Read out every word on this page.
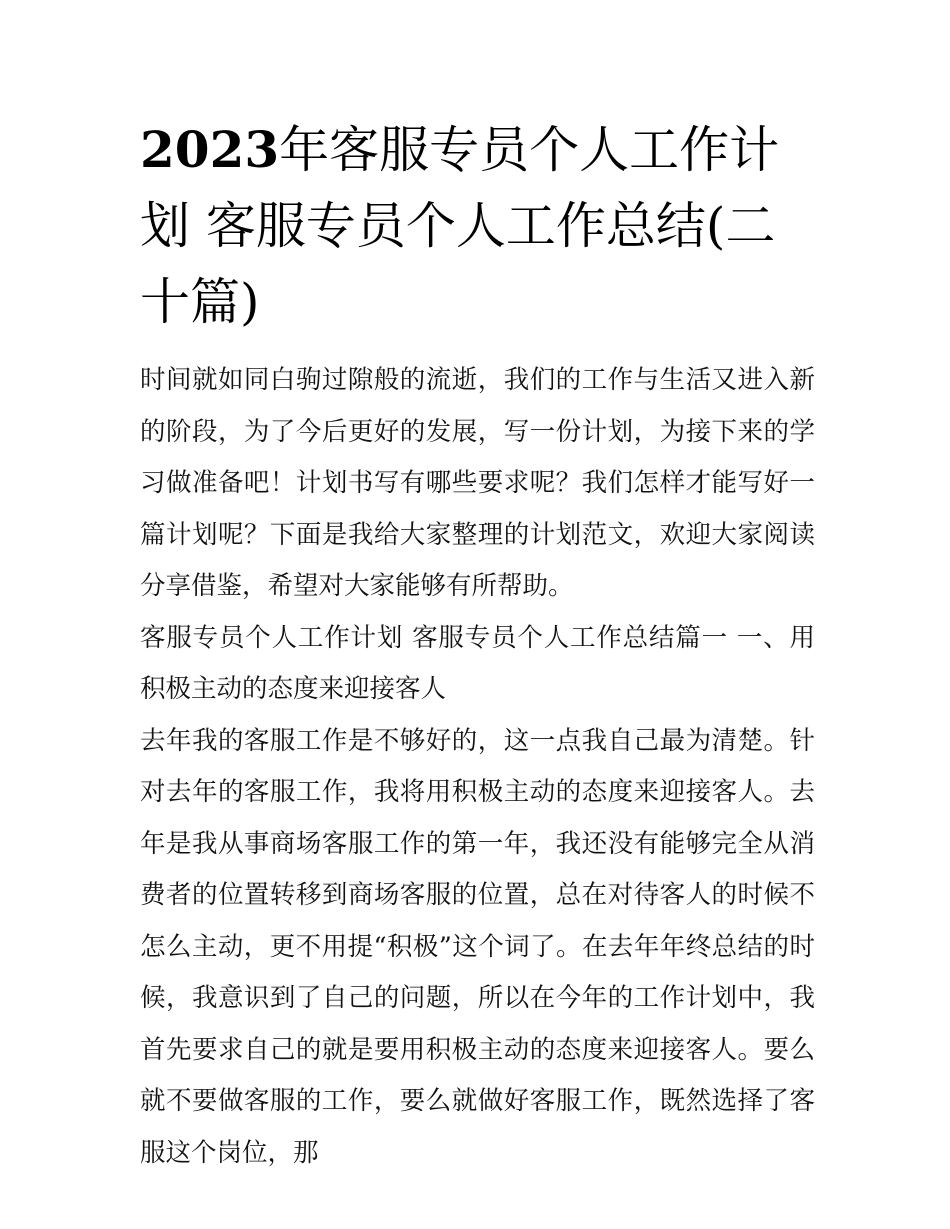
2023年客服专员个人工作计划 客服专员个人工作总结(二十篇)

时间就如同白驹过隙般的流逝，我们的工作与生活又进入新的阶段，为了今后更好的发展，写一份计划，为接下来的学习做准备吧！计划书写有哪些要求呢？我们怎样才能写好一篇计划呢？下面是我给大家整理的计划范文，欢迎大家阅读分享借鉴，希望对大家能够有所帮助。

客服专员个人工作计划 客服专员个人工作总结篇一 一、用积极主动的态度来迎接客人

去年我的客服工作是不够好的，这一点我自己最为清楚。针对去年的客服工作，我将用积极主动的态度来迎接客人。去年是我从事商场客服工作的第一年，我还没有能够完全从消费者的位置转移到商场客服的位置，总在对待客人的时候不怎么主动，更不用提“积极”这个词了。在去年年终总结的时候，我意识到了自己的问题，所以在今年的工作计划中，我首先要求自己的就是要用积极主动的态度来迎接客人。要么就不要做客服的工作，要么就做好客服工作，既然选择了客服这个岗位，那
